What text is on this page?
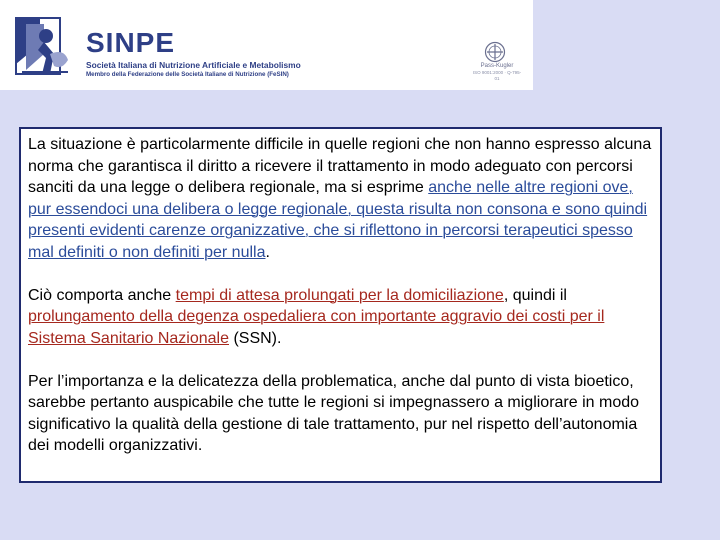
SINPE
Società Italiana di Nutrizione Artificiale e Metabolismo
Membro della Federazione delle Società Italiane di Nutrizione (FeSIN)
Pass-Kugler
ISO 9001:2000 · Q-795-01

La situazione è particolarmente difficile in quelle regioni che non hanno espresso alcuna norma che garantisca il diritto a ricevere il trattamento in modo adeguato con percorsi sanciti da una legge o delibera regionale, ma si esprime anche nelle altre regioni ove, pur essendoci una delibera o legge regionale, questa risulta non consona e sono quindi presenti evidenti carenze organizzative, che si riflettono in percorsi terapeutici spesso mal definiti o non definiti per nulla.

Ciò comporta anche tempi di attesa prolungati per la domiciliazione, quindi il prolungamento della degenza ospedaliera con importante aggravio dei costi per il Sistema Sanitario Nazionale (SSN).

Per l’importanza e la delicatezza della problematica, anche dal punto di vista bioetico, sarebbe pertanto auspicabile che tutte le regioni si impegnassero a migliorare in modo significativo la qualità della gestione di tale trattamento, pur nel rispetto dell’autonomia dei modelli organizzativi.
